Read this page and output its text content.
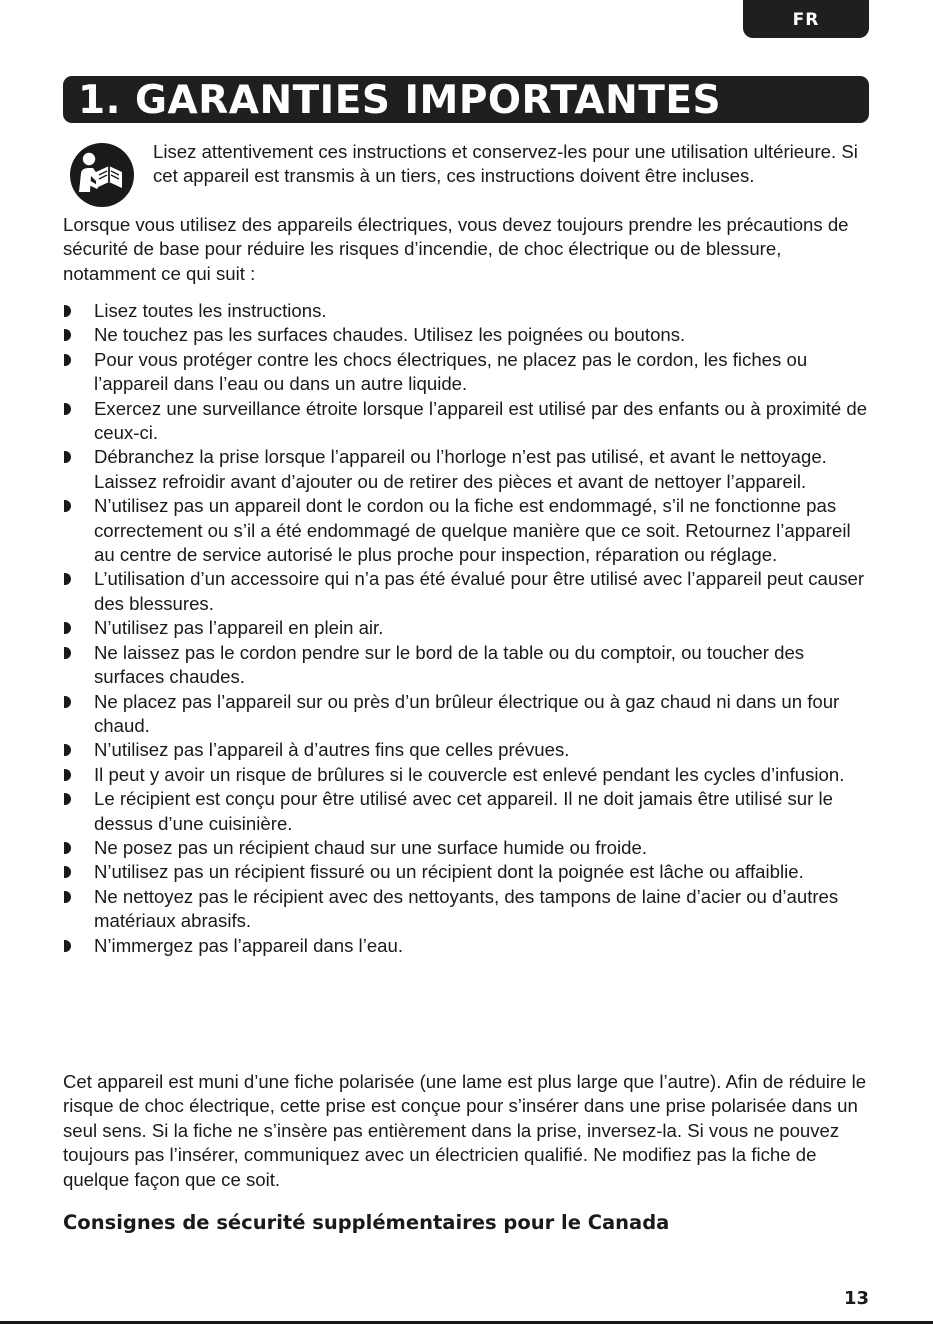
FR
1. GARANTIES IMPORTANTES

Lisez attentivement ces instructions et conservez-les pour une utilisation ultérieure. Si cet appareil est transmis à un tiers, ces instructions doivent être incluses.

Lorsque vous utilisez des appareils électriques, vous devez toujours prendre les précautions de sécurité de base pour réduire les risques d’incendie, de choc électrique ou de blessure, notamment ce qui suit :

Lisez toutes les instructions.
Ne touchez pas les surfaces chaudes. Utilisez les poignées ou boutons.
Pour vous protéger contre les chocs électriques, ne placez pas le cordon, les fiches ou l’appareil dans l’eau ou dans un autre liquide.
Exercez une surveillance étroite lorsque l’appareil est utilisé par des enfants ou à proximité de ceux-ci.
Débranchez la prise lorsque l’appareil ou l’horloge n’est pas utilisé, et avant le nettoyage. Laissez refroidir avant d’ajouter ou de retirer des pièces et avant de nettoyer l’appareil.
N’utilisez pas un appareil dont le cordon ou la fiche est endommagé, s’il ne fonctionne pas correctement ou s’il a été endommagé de quelque manière que ce soit. Retournez l’appareil au centre de service autorisé le plus proche pour inspection, réparation ou réglage.
L’utilisation d’un accessoire qui n’a pas été évalué pour être utilisé avec l’appareil peut causer des blessures.
N’utilisez pas l’appareil en plein air.
Ne laissez pas le cordon pendre sur le bord de la table ou du comptoir, ou toucher des surfaces chaudes.
Ne placez pas l’appareil sur ou près d’un brûleur électrique ou à gaz chaud ni dans un four chaud.
N’utilisez pas l’appareil à d’autres fins que celles prévues.
Il peut y avoir un risque de brûlures si le couvercle est enlevé pendant les cycles d’infusion.
Le récipient est conçu pour être utilisé avec cet appareil. Il ne doit jamais être utilisé sur le dessus d’une cuisinière.
Ne posez pas un récipient chaud sur une surface humide ou froide.
N’utilisez pas un récipient fissuré ou un récipient dont la poignée est lâche ou affaiblie.
Ne nettoyez pas le récipient avec des nettoyants, des tampons de laine d’acier ou d’autres matériaux abrasifs.
N’immergez pas l’appareil dans l’eau.

Cet appareil est muni d’une fiche polarisée (une lame est plus large que l’autre). Afin de réduire le risque de choc électrique, cette prise est conçue pour s’insérer dans une prise polarisée dans un seul sens. Si la fiche ne s’insère pas entièrement dans la prise, inversez-la. Si vous ne pouvez toujours pas l’insérer, communiquez avec un électricien qualifié. Ne modifiez pas la fiche de quelque façon que ce soit.

Consignes de sécurité supplémentaires pour le Canada
13
